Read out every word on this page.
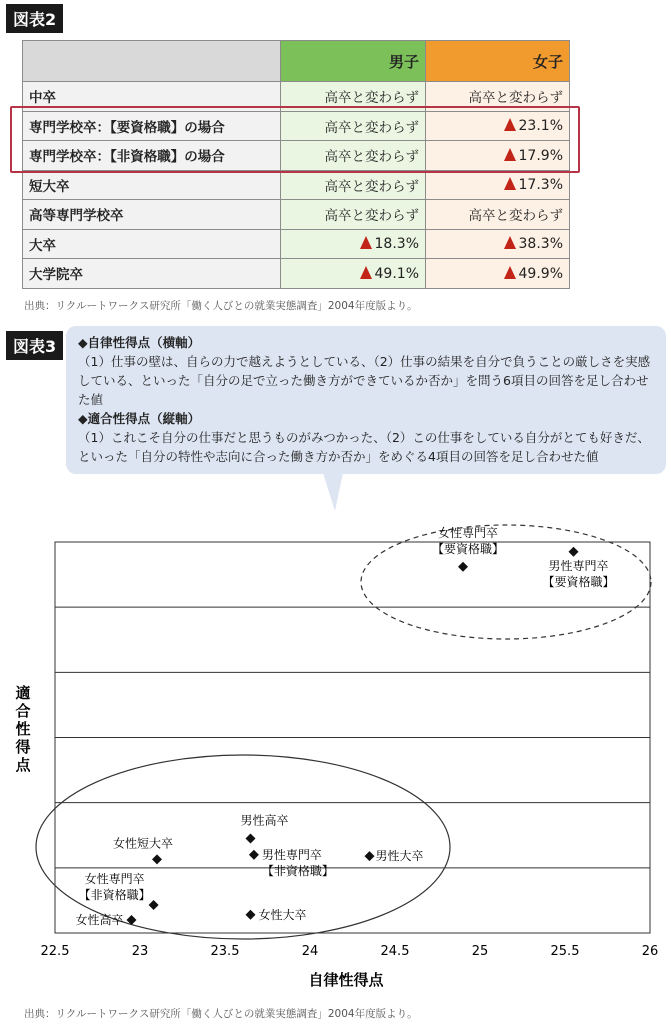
図表2
	男子	女子
中卒	高卒と変わらず	高卒と変わらず
専門学校卒：【要資格職】の場合	高卒と変わらず	23.1%
専門学校卒：【非資格職】の場合	高卒と変わらず	17.9%
短大卒	高卒と変わらず	17.3%
高等専門学校卒	高卒と変わらず	高卒と変わらず
大卒	18.3%	38.3%
大学院卒	49.1%	49.9%
出典：リクルートワークス研究所「働く人びとの就業実態調査」2004年度版より。
図表3	◆自律性得点（横軸）
（1）仕事の壁は、自らの力で越えようとしている、（2）仕事の結果を自分で負うことの厳しさを実感している、といった「自分の足で立った働き方ができているか否か」を問う6項目の回答を足し合わせた値
◆適合性得点（縦軸）
（1）これこそ自分の仕事だと思うものがみつかった、（2）この仕事をしている自分がとても好きだ、といった「自分の特性や志向に合った働き方か否か」をめぐる4項目の回答を足し合わせた値
女性専門卒
【要資格職】
男性専門卒
【要資格職】
男性高卒
女性短大卒
男性専門卒
【非資格職】
男性大卒
女性専門卒
【非資格職】
女性高卒	女性大卒
22.5	23	23.5	24	24.5	25	25.5	26
自律性得点
適
合
性
得
点
出典：リクルートワークス研究所「働く人びとの就業実態調査」2004年度版より。
